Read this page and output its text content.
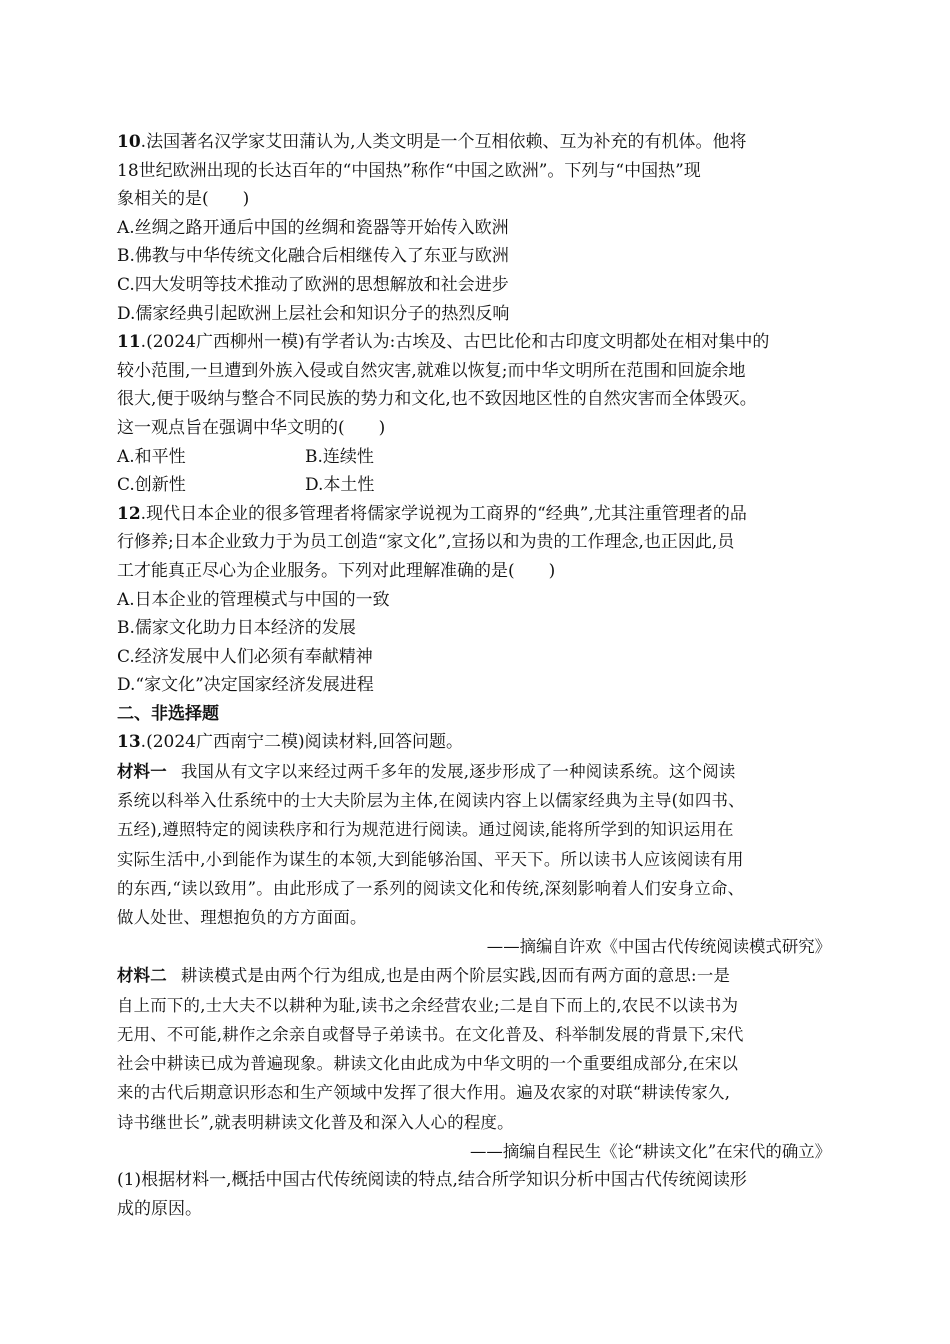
10.法国著名汉学家艾田蒲认为,人类文明是一个互相依赖、互为补充的有机体。他将
18世纪欧洲出现的长达百年的“中国热”称作“中国之欧洲”。下列与“中国热”现
象相关的是(　　)
A.丝绸之路开通后中国的丝绸和瓷器等开始传入欧洲
B.佛教与中华传统文化融合后相继传入了东亚与欧洲
C.四大发明等技术推动了欧洲的思想解放和社会进步
D.儒家经典引起欧洲上层社会和知识分子的热烈反响
11.(2024广西柳州一模)有学者认为:古埃及、古巴比伦和古印度文明都处在相对集中的
较小范围,一旦遭到外族入侵或自然灾害,就难以恢复;而中华文明所在范围和回旋余地
很大,便于吸纳与整合不同民族的势力和文化,也不致因地区性的自然灾害而全体毁灭。
这一观点旨在强调中华文明的(　　)
A.和平性	B.连续性
C.创新性	D.本土性
12.现代日本企业的很多管理者将儒家学说视为工商界的“经典”,尤其注重管理者的品
行修养;日本企业致力于为员工创造“家文化”,宣扬以和为贵的工作理念,也正因此,员
工才能真正尽心为企业服务。下列对此理解准确的是(　　)
A.日本企业的管理模式与中国的一致
B.儒家文化助力日本经济的发展
C.经济发展中人们必须有奉献精神
D.“家文化”决定国家经济发展进程
二、非选择题
13.(2024广西南宁二模)阅读材料,回答问题。
材料一 我国从有文字以来经过两千多年的发展,逐步形成了一种阅读系统。这个阅读
系统以科举入仕系统中的士大夫阶层为主体,在阅读内容上以儒家经典为主导(如四书、
五经),遵照特定的阅读秩序和行为规范进行阅读。通过阅读,能将所学到的知识运用在
实际生活中,小到能作为谋生的本领,大到能够治国、平天下。所以读书人应该阅读有用
的东西,“读以致用”。由此形成了一系列的阅读文化和传统,深刻影响着人们安身立命、
做人处世、理想抱负的方方面面。
——摘编自许欢《中国古代传统阅读模式研究》
材料二 耕读模式是由两个行为组成,也是由两个阶层实践,因而有两方面的意思:一是
自上而下的,士大夫不以耕种为耻,读书之余经营农业;二是自下而上的,农民不以读书为
无用、不可能,耕作之余亲自或督导子弟读书。在文化普及、科举制发展的背景下,宋代
社会中耕读已成为普遍现象。耕读文化由此成为中华文明的一个重要组成部分,在宋以
来的古代后期意识形态和生产领域中发挥了很大作用。遍及农家的对联“耕读传家久,
诗书继世长”,就表明耕读文化普及和深入人心的程度。
——摘编自程民生《论“耕读文化”在宋代的确立》
(1)根据材料一,概括中国古代传统阅读的特点,结合所学知识分析中国古代传统阅读形
成的原因。
